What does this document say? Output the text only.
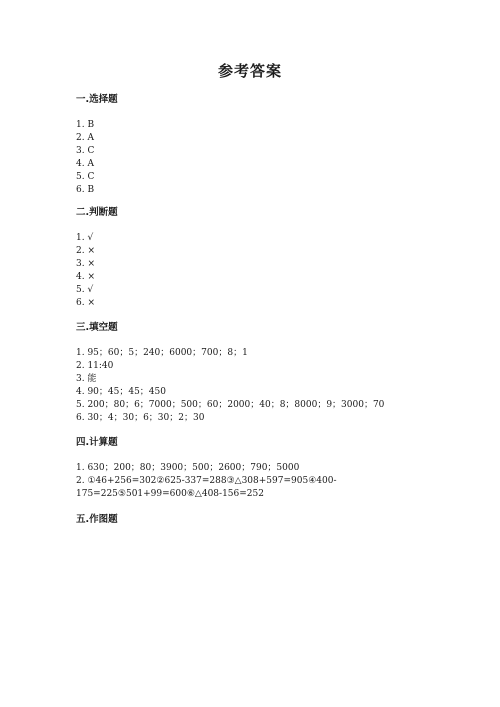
参考答案
一.选择题
1. B
2. A
3. C
4. A
5. C
6. B
二.判断题
1. √
2. ×
3. ×
4. ×
5. √
6. ×
三.填空题
1. 95；60；5；240；6000；700；8；1
2. 11:40
3. 能
4. 90；45；45；450
5. 200；80；6；7000；500；60；2000；40；8；8000；9；3000；70
6. 30；4；30；6；30；2；30
四.计算题
1. 630；200；80；3900；500；2600；790；5000
2. ①46+256=302②625-337=288③△308+597=905④400-
175=225⑤501+99=600⑥△408-156=252
五.作图题
